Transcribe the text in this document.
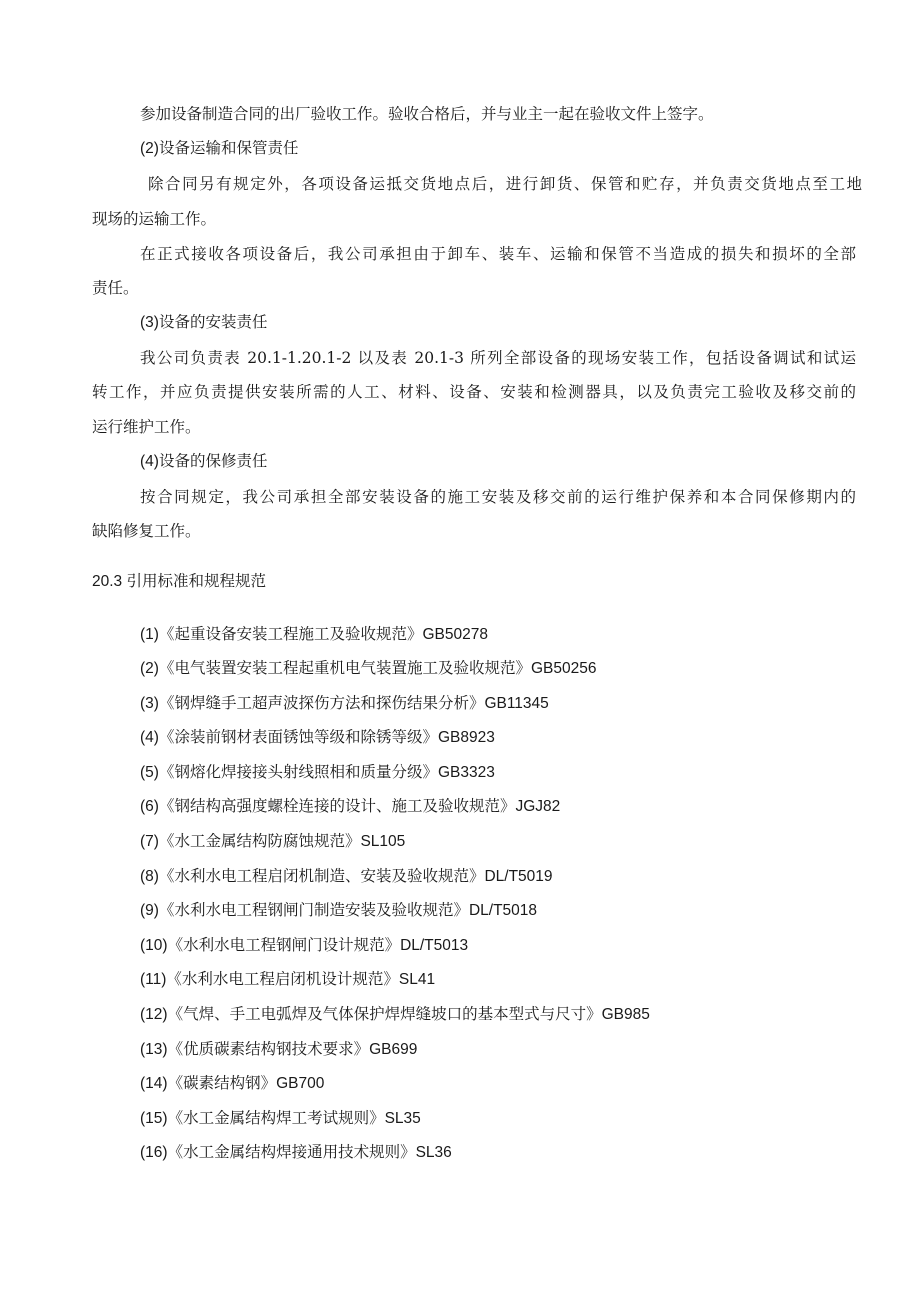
参加设备制造合同的出厂验收工作。验收合格后，并与业主一起在验收文件上签字。
(2)设备运输和保管责任
除合同另有规定外，各项设备运抵交货地点后，进行卸货、保管和贮存，并负责交货地点至工地
现场的运输工作。
在正式接收各项设备后，我公司承担由于卸车、装车、运输和保管不当造成的损失和损坏的全部
责任。
(3)设备的安装责任
我公司负责表 20.1-1.20.1-2 以及表 20.1-3 所列全部设备的现场安装工作，包括设备调试和试运
转工作，并应负责提供安装所需的人工、材料、设备、安装和检测器具，以及负责完工验收及移交前的
运行维护工作。
(4)设备的保修责任
按合同规定，我公司承担全部安装设备的施工安装及移交前的运行维护保养和本合同保修期内的
缺陷修复工作。
20.3 引用标准和规程规范
(1)《起重设备安装工程施工及验收规范》GB50278
(2)《电气装置安装工程起重机电气装置施工及验收规范》GB50256
(3)《钢焊缝手工超声波探伤方法和探伤结果分析》GB11345
(4)《涂装前钢材表面锈蚀等级和除锈等级》GB8923
(5)《钢熔化焊接接头射线照相和质量分级》GB3323
(6)《钢结构高强度螺栓连接的设计、施工及验收规范》JGJ82
(7)《水工金属结构防腐蚀规范》SL105
(8)《水利水电工程启闭机制造、安装及验收规范》DL/T5019
(9)《水利水电工程钢闸门制造安装及验收规范》DL/T5018
(10)《水利水电工程钢闸门设计规范》DL/T5013
(11)《水利水电工程启闭机设计规范》SL41
(12)《气焊、手工电弧焊及气体保护焊焊缝坡口的基本型式与尺寸》GB985
(13)《优质碳素结构钢技术要求》GB699
(14)《碳素结构钢》GB700
(15)《水工金属结构焊工考试规则》SL35
(16)《水工金属结构焊接通用技术规则》SL36
